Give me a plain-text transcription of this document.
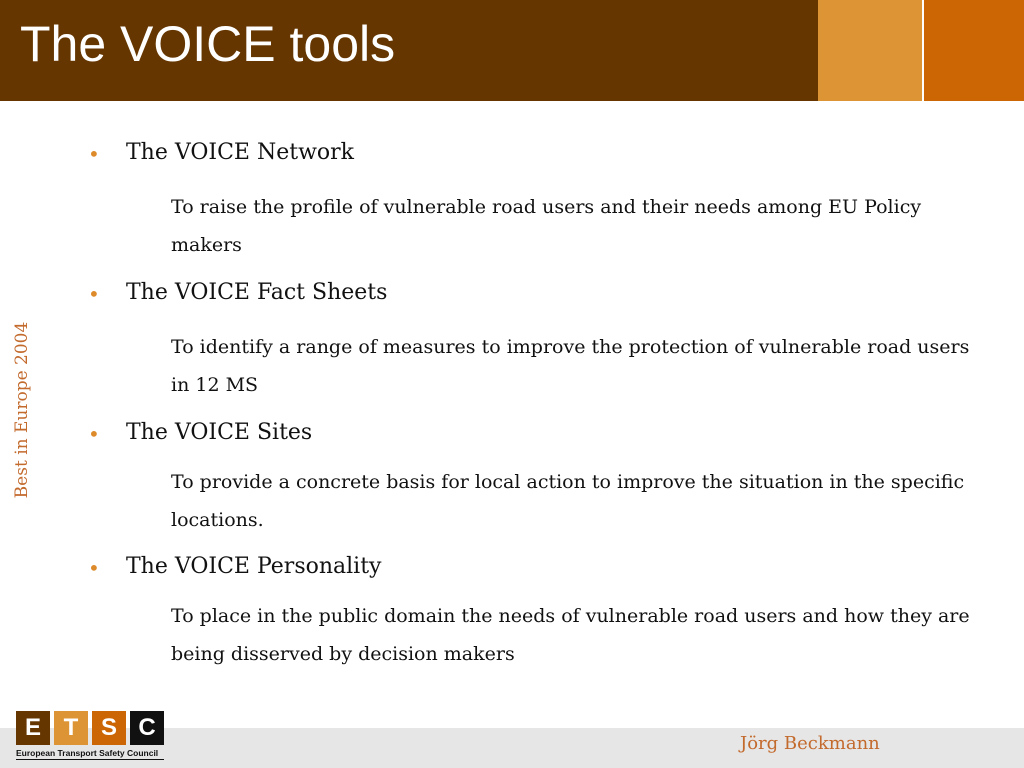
The VOICE tools
Best in Europe 2004
• The VOICE Network
To raise the profile of vulnerable road users and their needs among EU Policy makers
• The VOICE Fact Sheets
To identify a range of measures to improve the protection of vulnerable road users in 12 MS
• The VOICE Sites
To provide a concrete basis for local action to improve the situation in the specific locations.
• The VOICE Personality
To place in the public domain the needs of vulnerable road users and how they are being disserved by decision makers
E T S C
European Transport Safety Council	Jörg Beckmann
